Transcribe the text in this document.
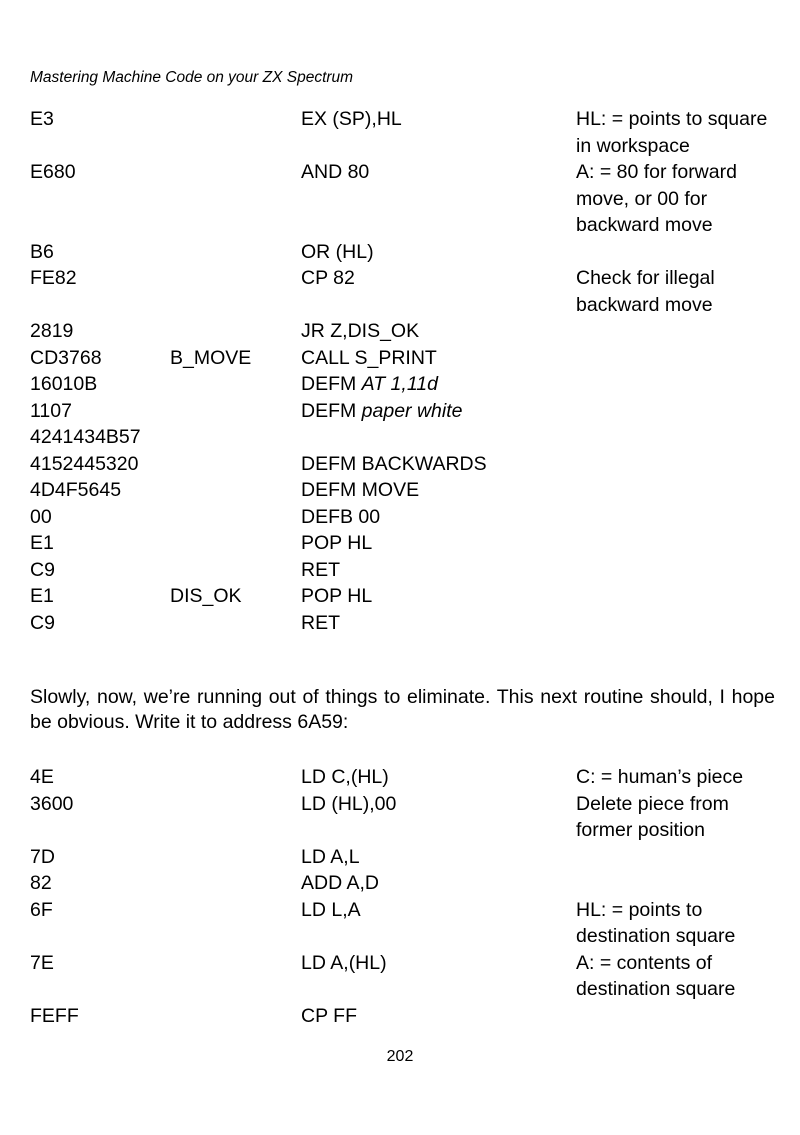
Mastering Machine Code on your ZX Spectrum
E3	EX (SP),HL	HL: = points to square in workspace
E680	AND 80	A: = 80 for forward move, or 00 for backward move
B6	OR (HL)
FE82	CP 82	Check for illegal backward move
2819	JR Z,DIS_OK
CD3768	B_MOVE	CALL S_PRINT
16010B	DEFM AT 1,11d
1107	DEFM paper white
4241434B57
4152445320	DEFM BACKWARDS
4D4F5645	DEFM MOVE
00	DEFB 00
E1	POP HL
C9	RET
E1	DIS_OK	POP HL
C9	RET
Slowly, now, we’re running out of things to eliminate. This next routine should, I hope be obvious. Write it to address 6A59:
4E	LD C,(HL)	C: = human’s piece
3600	LD (HL),00	Delete piece from former position
7D	LD A,L
82	ADD A,D
6F	LD L,A	HL: = points to destination square
7E	LD A,(HL)	A: = contents of destination square
FEFF	CP FF
202
